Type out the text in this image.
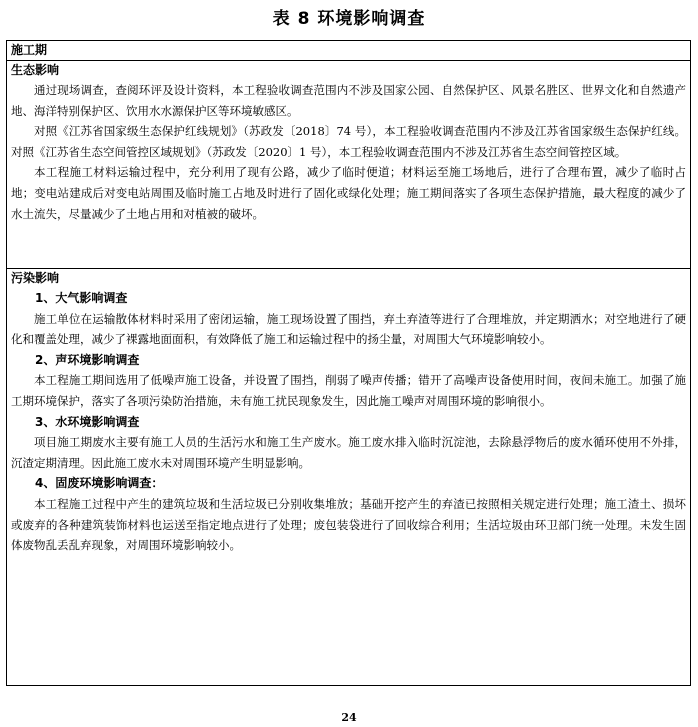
表 8 环境影响调查
施工期
生态影响

通过现场调查，查阅环评及设计资料，本工程验收调查范围内不涉及国家公园、自然保护区、风景名胜区、世界文化和自然遗产地、海洋特别保护区、饮用水水源保护区等环境敏感区。

对照《江苏省国家级生态保护红线规划》（苏政发〔2018〕74 号），本工程验收调查范围内不涉及江苏省国家级生态保护红线。对照《江苏省生态空间管控区域规划》（苏政发〔2020〕1 号），本工程验收调查范围内不涉及江苏省生态空间管控区域。

本工程施工材料运输过程中，充分利用了现有公路，减少了临时便道；材料运至施工场地后，进行了合理布置，减少了临时占地；变电站建成后对变电站周围及临时施工占地及时进行了固化或绿化处理；施工期间落实了各项生态保护措施，最大程度的减少了水土流失，尽量减少了土地占用和对植被的破坏。

污染影响

1、大气影响调查

施工单位在运输散体材料时采用了密闭运输，施工现场设置了围挡，弃土弃渣等进行了合理堆放，并定期洒水；对空地进行了硬化和覆盖处理，减少了裸露地面面积，有效降低了施工和运输过程中的扬尘量，对周围大气环境影响较小。

2、声环境影响调查

本工程施工期间选用了低噪声施工设备，并设置了围挡，削弱了噪声传播；错开了高噪声设备使用时间，夜间未施工。加强了施工期环境保护，落实了各项污染防治措施，未有施工扰民现象发生，因此施工噪声对周围环境的影响很小。

3、水环境影响调查

项目施工期废水主要有施工人员的生活污水和施工生产废水。施工废水排入临时沉淀池，去除悬浮物后的废水循环使用不外排，沉渣定期清理。因此施工废水未对周围环境产生明显影响。

4、固废环境影响调查：

本工程施工过程中产生的建筑垃圾和生活垃圾已分别收集堆放；基础开挖产生的弃渣已按照相关规定进行处理；施工渣土、损坏或废弃的各种建筑装饰材料也运送至指定地点进行了处理；废包装袋进行了回收综合利用；生活垃圾由环卫部门统一处理。未发生固体废物乱丢乱弃现象，对周围环境影响较小。

24
